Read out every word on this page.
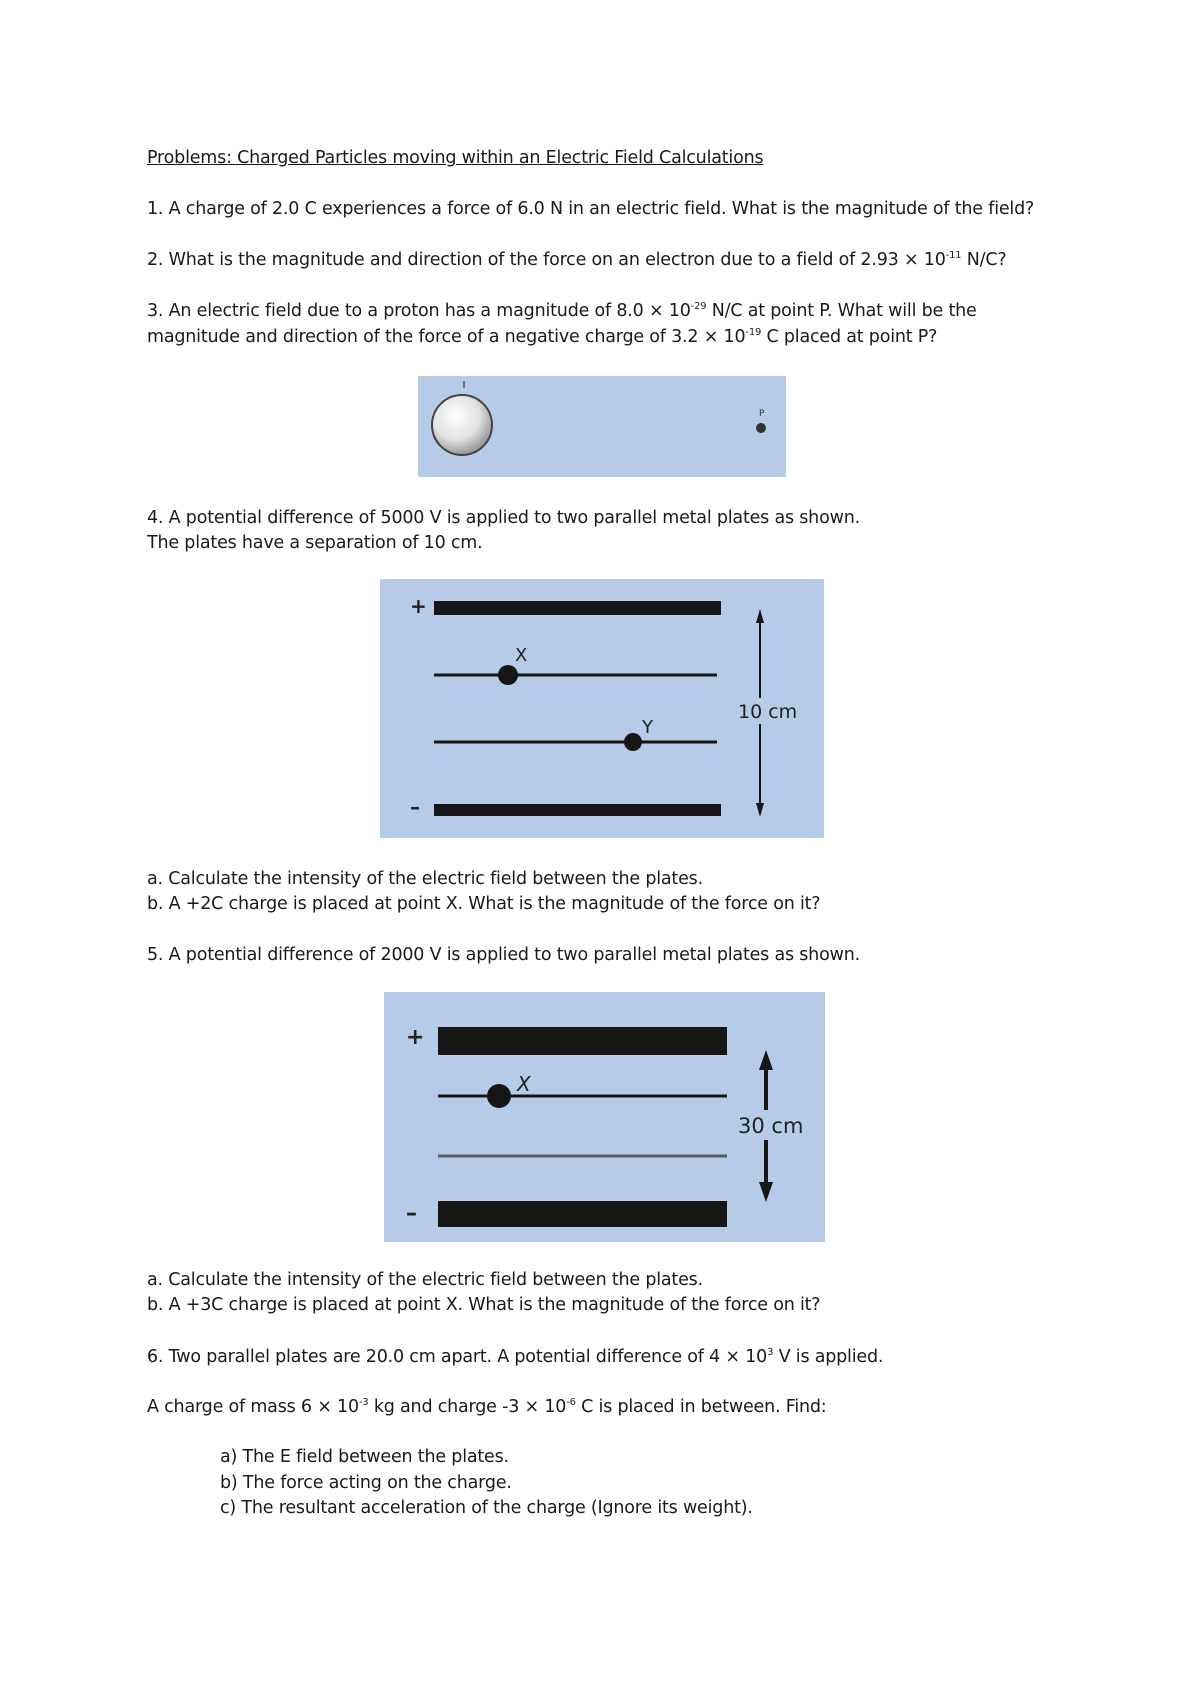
Problems: Charged Particles moving within an Electric Field Calculations
1. A charge of 2.0 C experiences a force of 6.0 N in an electric field. What is the magnitude of the field?
2. What is the magnitude and direction of the force on an electron due to a field of $2.93 \times 10^{-11}$ N/C?
3. An electric field due to a proton has a magnitude of $8.0 \times 10^{-29}$ N/C at point P. What will be the
magnitude and direction of the force of a negative charge of $3.2 \times 10^{-19}$ C placed at point P?
P
4. A potential difference of 5000 V is applied to two parallel metal plates as shown.
The plates have a separation of 10 cm.
+
X
Y
–
10 cm
a. Calculate the intensity of the electric field between the plates.
b. A +2C charge is placed at point X. What is the magnitude of the force on it?
5. A potential difference of 2000 V is applied to two parallel metal plates as shown.
+
X
–
30 cm
a. Calculate the intensity of the electric field between the plates.
b. A +3C charge is placed at point X. What is the magnitude of the force on it?
6. Two parallel plates are 20.0 cm apart. A potential difference of $4 \times 10^3$ V is applied.
A charge of mass $6 \times 10^{-3}$ kg and charge $-3 \times 10^{-6}$ C is placed in between. Find:
a) The E field between the plates.
b) The force acting on the charge.
c) The resultant acceleration of the charge (Ignore its weight).
